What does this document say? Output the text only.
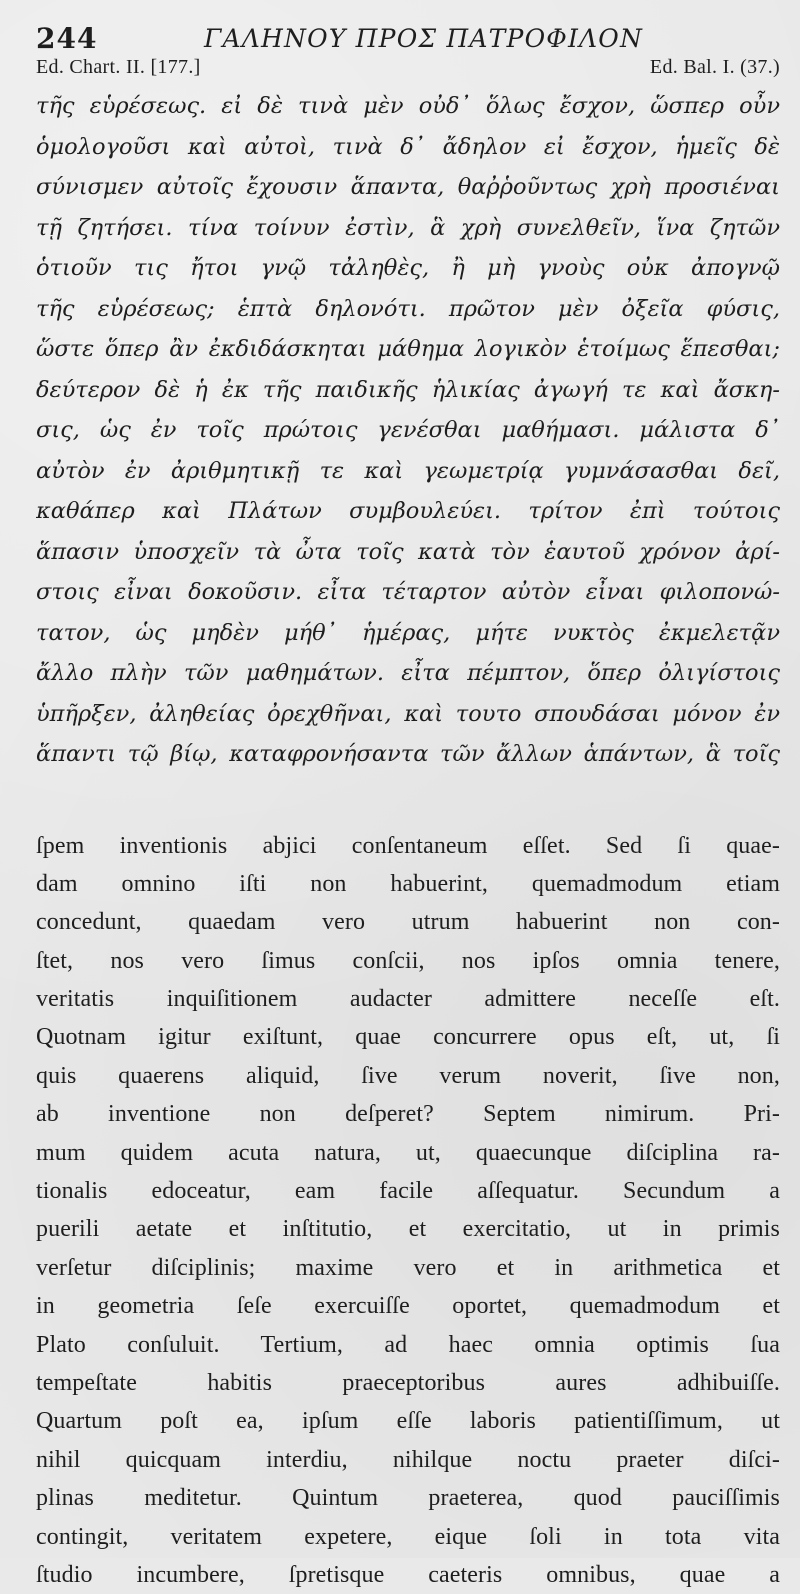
244	ΓΑΛΗΝΟΥ ΠΡΟΣ ΠΑΤΡΟΦΙΛΟΝ
Ed. Chart. II. [177.]	Ed. Bal. I. (37.)
τῆς εὑρέσεως. εἰ δὲ τινὰ μὲν οὐδ᾽ ὅλως ἔσχον, ὥσπερ οὖν
ὁμολογοῦσι καὶ αὐτοὶ, τινὰ δ᾽ ἄδηλον εἰ ἔσχον, ἡμεῖς δὲ
σύνισμεν αὐτοῖς ἔχουσιν ἅπαντα, θαῤῥοῦντως χρὴ προσιέναι
τῇ ζητήσει. τίνα τοίνυν ἐστὶν, ἃ χρὴ συνελθεῖν, ἵνα ζητῶν
ὁτιοῦν τις ἤτοι γνῷ τἀληθὲς, ἢ μὴ γνοὺς οὐκ ἀπογνῷ
τῆς εὑρέσεως; ἑπτὰ δηλονότι. πρῶτον μὲν ὀξεῖα φύσις,
ὥστε ὅπερ ἂν ἐκδιδάσκηται μάθημα λογικὸν ἑτοίμως ἕπεσθαι;
δεύτερον δὲ ἡ ἐκ τῆς παιδικῆς ἡλικίας ἀγωγή τε καὶ ἄσκη-
σις, ὡς ἐν τοῖς πρώτοις γενέσθαι μαθήμασι. μάλιστα δ᾽
αὐτὸν ἐν ἀριθμητικῇ τε καὶ γεωμετρίᾳ γυμνάσασθαι δεῖ,
καθάπερ καὶ Πλάτων συμβουλεύει. τρίτον ἐπὶ τούτοις
ἅπασιν ὑποσχεῖν τὰ ὦτα τοῖς κατὰ τὸν ἑαυτοῦ χρόνον ἀρί-
στοις εἶναι δοκοῦσιν. εἶτα τέταρτον αὐτὸν εἶναι φιλοπονώ-
τατον, ὡς μηδὲν μήθ᾽ ἡμέρας, μήτε νυκτὸς ἐκμελετᾷν
ἄλλο πλὴν τῶν μαθημάτων. εἶτα πέμπτον, ὅπερ ὀλιγίστοις
ὑπῆρξεν, ἀληθείας ὀρεχθῆναι, καὶ τουτο σπουδάσαι μόνον ἐν
ἅπαντι τῷ βίῳ, καταφρονήσαντα τῶν ἄλλων ἁπάντων, ἃ τοῖς
ſpem inventionis abjici conſentaneum eſſet. Sed ſi quae-
dam omnino iſti non habuerint, quemadmodum etiam
concedunt, quaedam vero utrum habuerint non con-
ſtet, nos vero ſimus conſcii, nos ipſos omnia tenere,
veritatis inquiſitionem audacter admittere neceſſe eſt.
Quotnam igitur exiſtunt, quae concurrere opus eſt, ut, ſi
quis quaerens aliquid, ſive verum noverit, ſive non,
ab inventione non deſperet? Septem nimirum. Pri-
mum quidem acuta natura, ut, quaecunque diſciplina ra-
tionalis edoceatur, eam facile aſſequatur. Secundum a
puerili aetate et inſtitutio, et exercitatio, ut in primis
verſetur diſciplinis; maxime vero et in arithmetica et
in geometria ſeſe exercuiſſe oportet, quemadmodum et
Plato conſuluit. Tertium, ad haec omnia optimis ſua
tempeſtate habitis praeceptoribus aures adhibuiſſe.
Quartum poſt ea, ipſum eſſe laboris patientiſſimum, ut
nihil quicquam interdiu, nihilque noctu praeter diſci-
plinas meditetur. Quintum praeterea, quod pauciſſimis
contingit, veritatem expetere, eique ſoli in tota vita
ſtudio incumbere, ſpretisque caeteris omnibus, quae a
